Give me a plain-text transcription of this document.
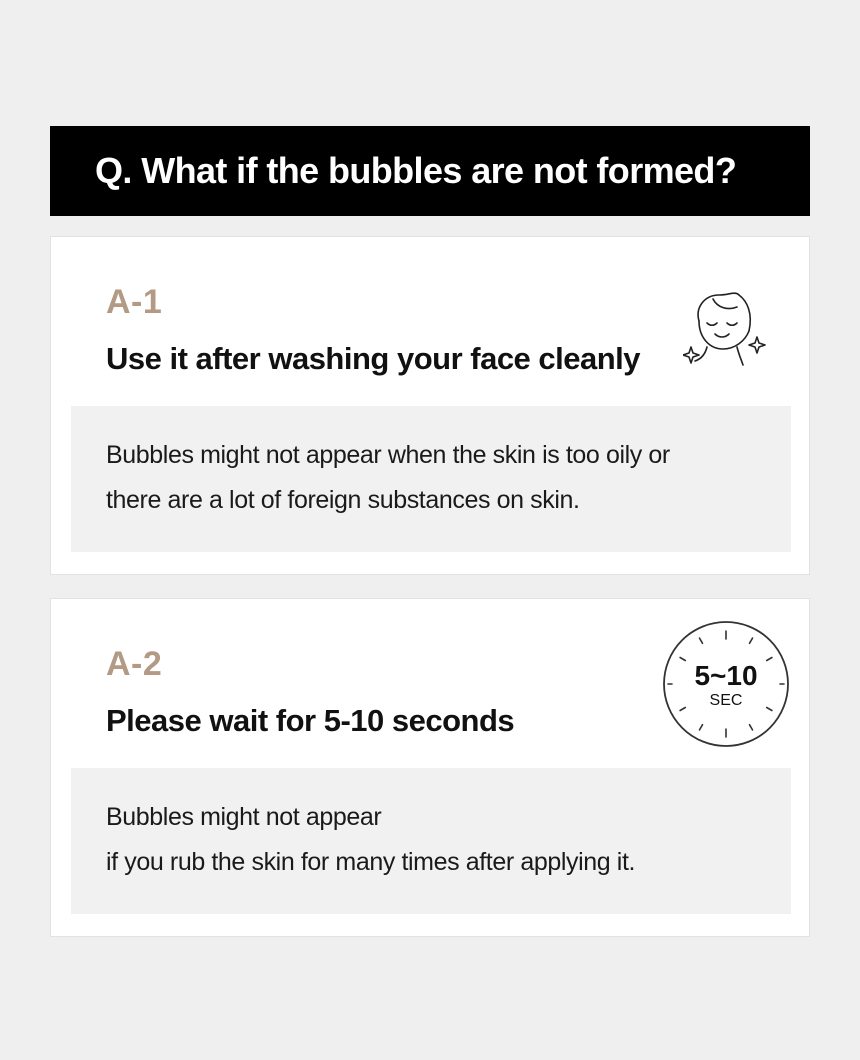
Q. What if the bubbles are not formed?
A-1
Use it after washing your face cleanly
Bubbles might not appear when the skin is too oily or
there are a lot of foreign substances on skin.
A-2
Please wait for 5-10 seconds
5~10
SEC
Bubbles might not appear
if you rub the skin for many times after applying it.
